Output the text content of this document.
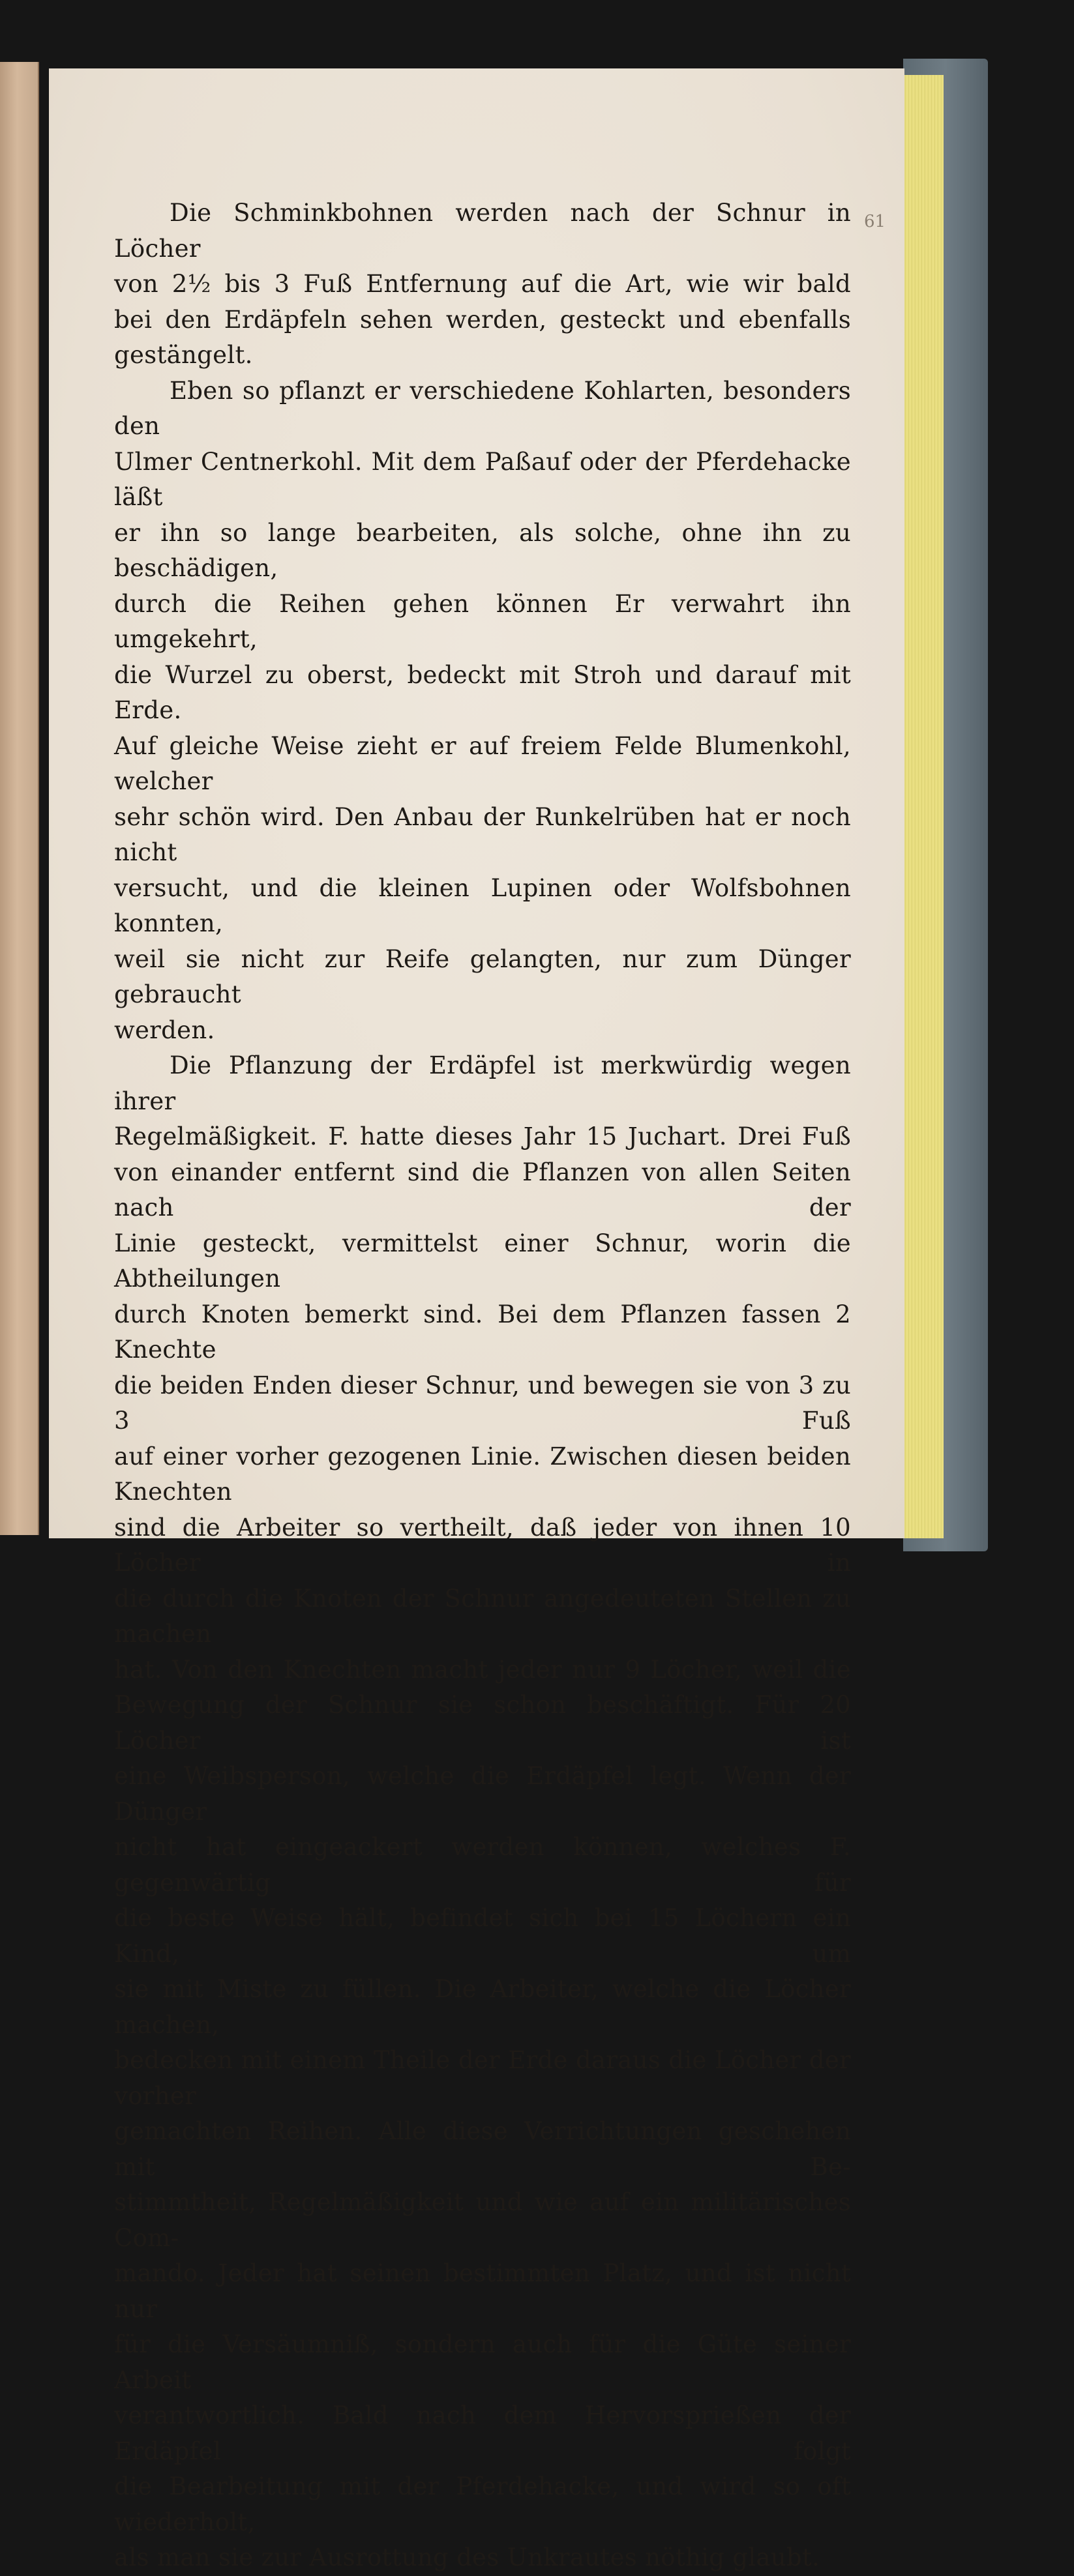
61

Die Schminkbohnen werden nach der Schnur in Löcher

von 2½ bis 3 Fuß Entfernung auf die Art, wie wir bald

bei den Erdäpfeln sehen werden, gesteckt und ebenfalls gestängelt.

Eben so pflanzt er verschiedene Kohlarten, besonders den

Ulmer Centnerkohl. Mit dem Paßauf oder der Pferdehacke läßt

er ihn so lange bearbeiten, als solche, ohne ihn zu beschädigen,

durch die Reihen gehen können Er verwahrt ihn umgekehrt,

die Wurzel zu oberst, bedeckt mit Stroh und darauf mit Erde.

Auf gleiche Weise zieht er auf freiem Felde Blumenkohl, welcher

sehr schön wird. Den Anbau der Runkelrüben hat er noch nicht

versucht, und die kleinen Lupinen oder Wolfsbohnen konnten,

weil sie nicht zur Reife gelangten, nur zum Dünger gebraucht

werden.

Die Pflanzung der Erdäpfel ist merkwürdig wegen ihrer

Regelmäßigkeit. F. hatte dieses Jahr 15 Juchart. Drei Fuß

von einander entfernt sind die Pflanzen von allen Seiten nach der

Linie gesteckt, vermittelst einer Schnur, worin die Abtheilungen

durch Knoten bemerkt sind. Bei dem Pflanzen fassen 2 Knechte

die beiden Enden dieser Schnur, und bewegen sie von 3 zu 3 Fuß

auf einer vorher gezogenen Linie. Zwischen diesen beiden Knechten

sind die Arbeiter so vertheilt, daß jeder von ihnen 10 Löcher in

die durch die Knoten der Schnur angedeuteten Stellen zu machen

hat. Von den Knechten macht jeder nur 9 Löcher, weil die

Bewegung der Schnur sie schon beschäftigt. Für 20 Löcher ist

eine Weibsperson, welche die Erdäpfel legt. Wenn der Dünger

nicht hat eingeackert werden können, welches F. gegenwärtig für

die beste Weise hält, befindet sich bei 15 Löchern ein Kind, um

sie mit Miste zu füllen. Die Arbeiter, welche die Löcher machen,

bedecken mit einem Theile der Erde daraus die Löcher der vorher

gemachten Reihen. Alle diese Verrichtungen geschehen mit Be-

stimmtheit, Regelmäßigkeit und wie auf ein militärisches Com-

mando. Jeder hat seinen bestimmten Platz, und ist nicht nur

für die Versäumniß, sondern auch für die Güte seiner Arbeit

verantwortlich. Bald nach dem Hervorsprießen der Erdäpfel folgt

die Bearbeitung mit der Pferdehacke, und wird so oft wiederholt,

als man sie zur Ausrottung des Unkrautes nöthig glaubt.
